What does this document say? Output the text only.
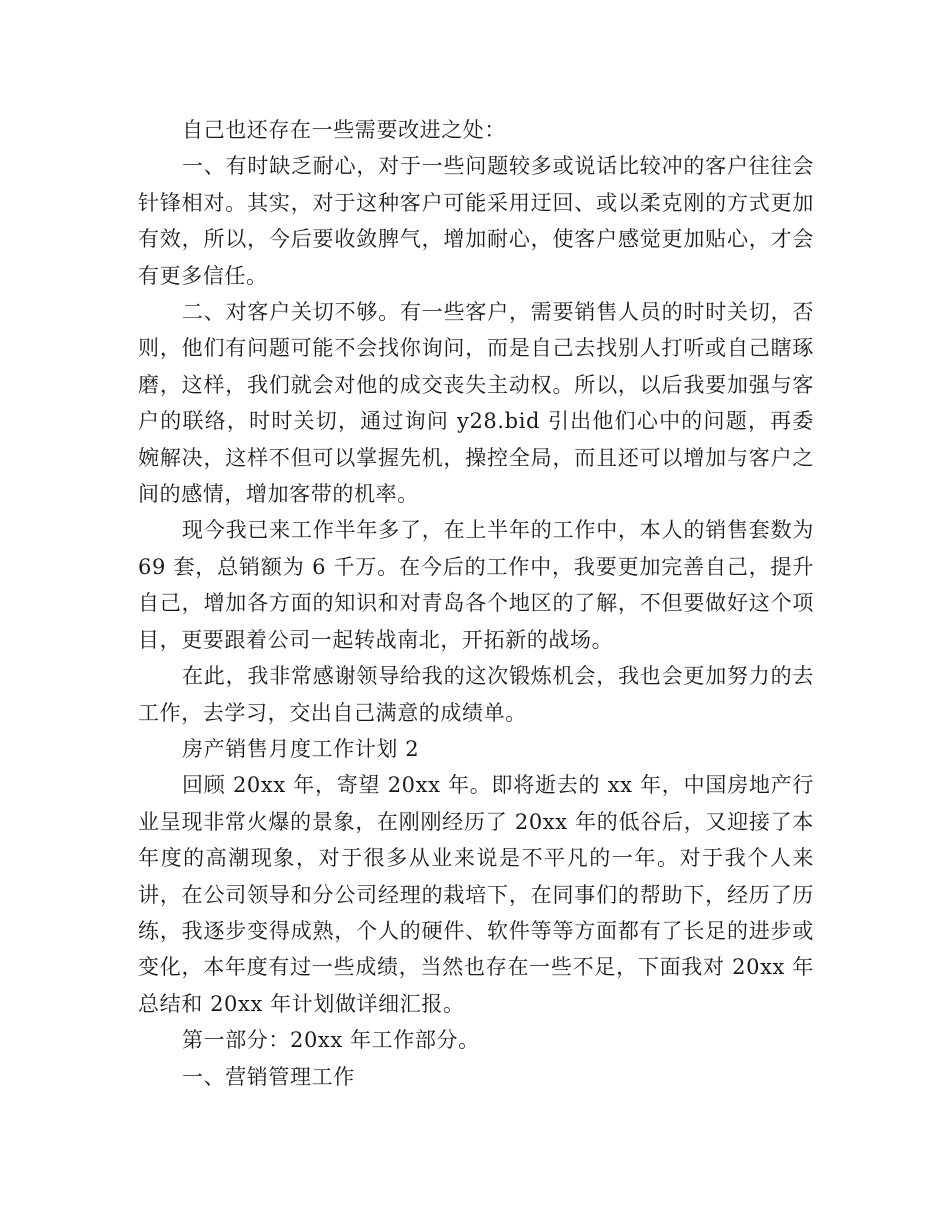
自己也还存在一些需要改进之处：

一、有时缺乏耐心，对于一些问题较多或说话比较冲的客户往往会针锋相对。其实，对于这种客户可能采用迂回、或以柔克刚的方式更加有效，所以，今后要收敛脾气，增加耐心，使客户感觉更加贴心，才会有更多信任。

二、对客户关切不够。有一些客户，需要销售人员的时时关切，否则，他们有问题可能不会找你询问，而是自己去找别人打听或自己瞎琢磨，这样，我们就会对他的成交丧失主动权。所以，以后我要加强与客户的联络，时时关切，通过询问 y28.bid 引出他们心中的问题，再委婉解决，这样不但可以掌握先机，操控全局，而且还可以增加与客户之间的感情，增加客带的机率。

现今我已来工作半年多了，在上半年的工作中，本人的销售套数为 69 套，总销额为 6 千万。在今后的工作中，我要更加完善自己，提升自己，增加各方面的知识和对青岛各个地区的了解，不但要做好这个项目，更要跟着公司一起转战南北，开拓新的战场。

在此，我非常感谢领导给我的这次锻炼机会，我也会更加努力的去工作，去学习，交出自己满意的成绩单。

房产销售月度工作计划 2

回顾 20xx 年，寄望 20xx 年。即将逝去的 xx 年，中国房地产行业呈现非常火爆的景象，在刚刚经历了 20xx 年的低谷后，又迎接了本年度的高潮现象，对于很多从业来说是不平凡的一年。对于我个人来讲，在公司领导和分公司经理的栽培下，在同事们的帮助下，经历了历练，我逐步变得成熟，个人的硬件、软件等等方面都有了长足的进步或变化，本年度有过一些成绩，当然也存在一些不足，下面我对 20xx 年总结和 20xx 年计划做详细汇报。

第一部分：20xx 年工作部分。

一、营销管理工作
